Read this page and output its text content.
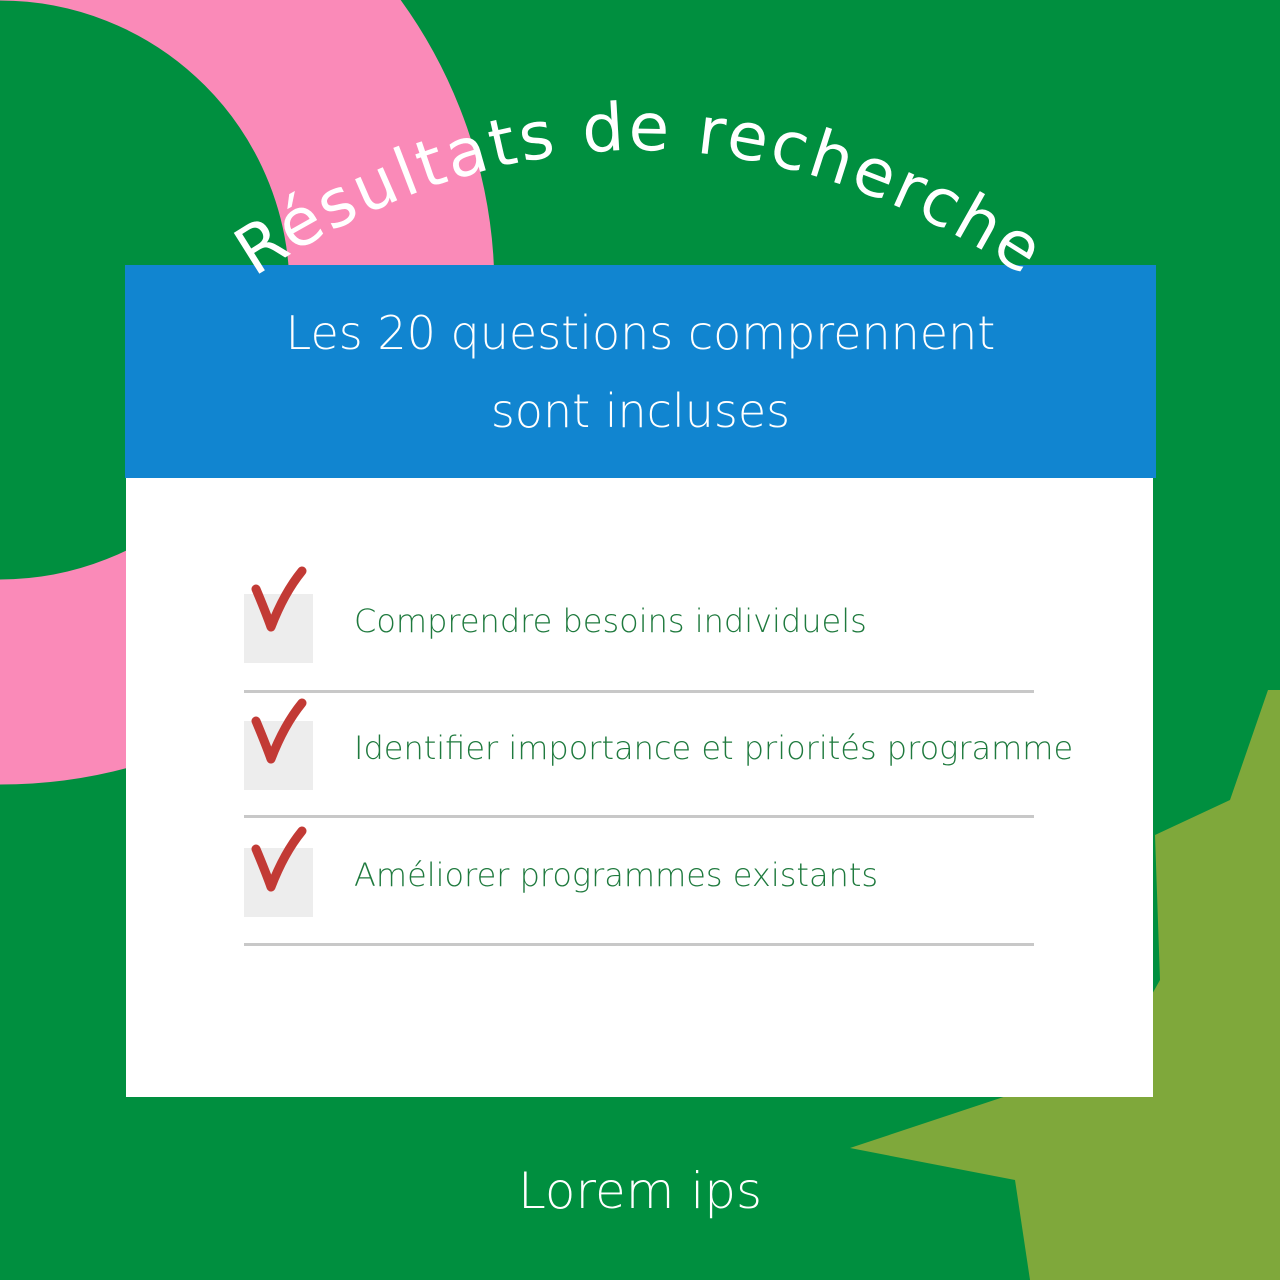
Résultats de recherche
Les 20 questions comprennent sont incluses
Comprendre besoins individuels
Identifier importance et priorités programme
Améliorer programmes existants
Lorem ips
